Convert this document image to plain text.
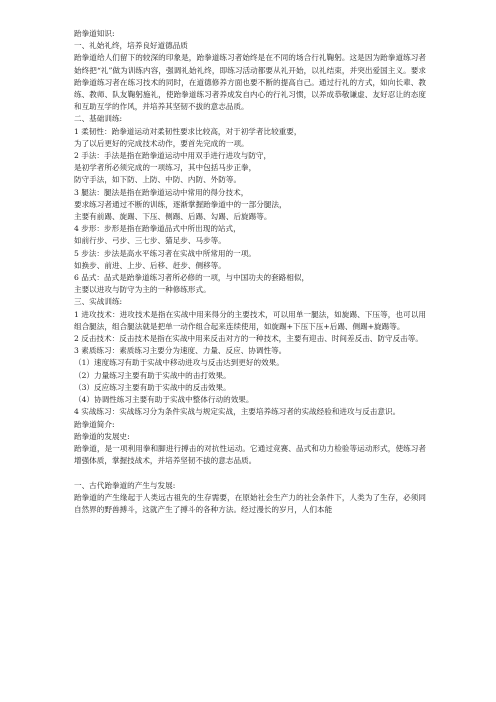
跆拳道知识:

一、礼始礼终，培养良好道德品质

跆拳道给人们留下的较深的印象是，跆拳道练习者始终是在不同的场合行礼鞠躬。这是因为跆拳道练习者始终把“礼”做为训练内容，强调礼始礼终，即练习活动都要从礼开始，以礼结束，并突出爱国主义。要求跆拳道练习者在练习技术的同时，在道德修养方面也要不断的提高自己。通过行礼的方式，如向长辈、教练、教师、队友鞠躬施礼，使跆拳道练习者养成发自内心的行礼习惯，以养成恭敬谦虚、友好忍让的态度和互助互学的作风，并培养其坚韧不拔的意志品质。

二、基础训练:

1 柔韧性：跆拳道运动对柔韧性要求比较高，对于初学者比较重要，

为了以后更好的完成技术动作，要首先完成的一项。

2 手法：手法是指在跆拳道运动中用双手进行进攻与防守，

是初学者所必须完成的一项练习，其中包括马步正拳，

防守手法，如下防、上防、中防、内防、外防等。

3 腿法：腿法是指在跆拳道运动中常用的得分技术，

要求练习者通过不断的训练，逐渐掌握跆拳道中的一部分腿法，

主要有前踢、旋踢、下压、侧踢、后踢、勾踢、后旋踢等。

4 步形：步形是指在跆拳道品式中所出现的站式，

如前行步、弓步、三七步、猫足步、马步等。

5 步法：步法是高水平练习者在实战中所常用的一项。

如换步、前进、上步、后移、赶步、侧移等。

6 品式：品式是跆拳道练习者所必修的一项，与中国功夫的套路相似，

主要以进攻与防守为主的一种修练形式。

三、实战训练:

1 进攻技术：进攻技术是指在实战中用来得分的主要技术，可以用单一腿法，如旋踢、下压等，也可以用组合腿法，组合腿法就是把单一动作组合起来连续使用，如旋踢+下压下压+后踢、侧踢+旋踢等。

2 反击技术：反击技术是指在实战中用来反击对方的一种技术，主要有迎击、时间差反击、防守反击等。

3 素质练习：素质练习主要分为速度、力量、反应、协调性等。

（1）速度练习有助于实战中移动进攻与反击达到更好的效果。

（2）力量练习主要有助于实战中的击打效果。

（3）反应练习主要有助于实战中的反击效果。

（4）协调性练习主要有助于实战中整体行动的效果。

4 实战练习：实战练习分为条件实战与规定实战，主要培养练习者的实战经验和进攻与反击意识。

跆拳道简介:

跆拳道的发展史:

跆拳道，是一项利用拳和脚进行搏击的对抗性运动。它通过竞赛、品式和功力检验等运动形式，使练习者增强体质，掌握技战术，并培养坚韧不拔的意志品质。

一、古代跆拳道的产生与发展:

跆拳道的产生缘起于人类远古祖先的生存需要，在原始社会生产力的社会条件下，人类为了生存，必须同自然界的野兽搏斗，这就产生了搏斗的各种方法。经过漫长的岁月，人们本能
